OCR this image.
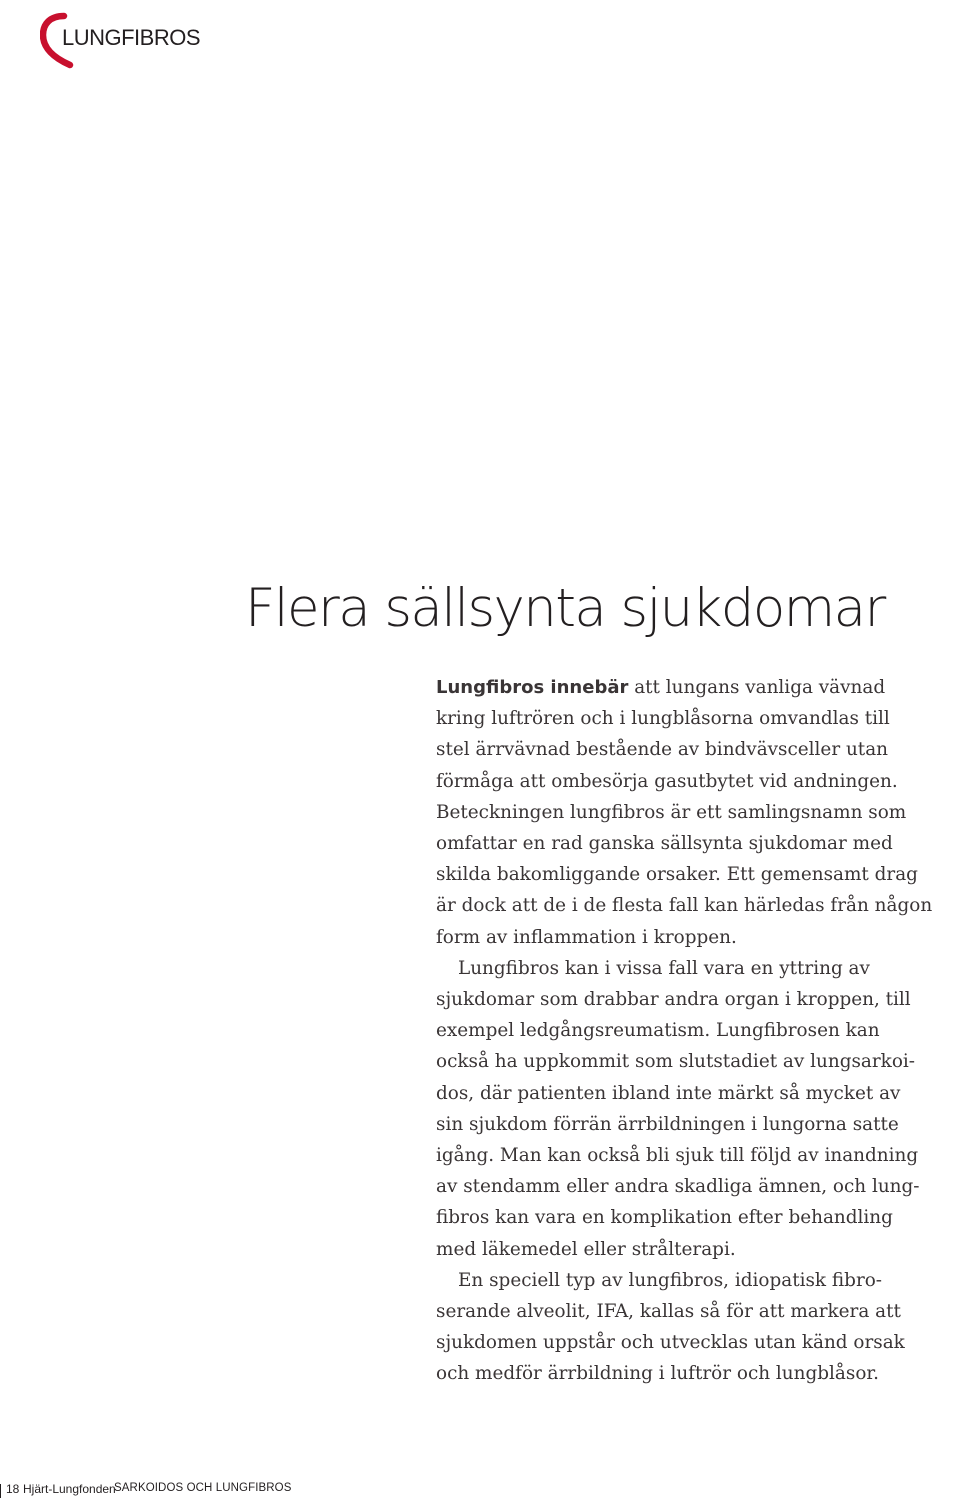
LUNGFIBROS
Flera sällsynta sjukdomar

Lungfibros innebär att lungans vanliga vävnad
kring luftrören och i lungblåsorna omvandlas till
stel ärrvävnad bestående av bindvävsceller utan
förmåga att ombesörja gasutbytet vid andningen.
Beteckningen lungfibros är ett samlingsnamn som
omfattar en rad ganska sällsynta sjukdomar med
skilda bakomliggande orsaker. Ett gemensamt drag
är dock att de i de flesta fall kan härledas från någon
form av inflammation i kroppen.

Lungfibros kan i vissa fall vara en yttring av
sjukdomar som drabbar andra organ i kroppen, till
exempel ledgångsreumatism. Lungfibrosen kan
också ha uppkommit som slutstadiet av lungsarkoi-
dos, där patienten ibland inte märkt så mycket av
sin sjukdom förrän ärrbildningen i lungorna satte
igång. Man kan också bli sjuk till följd av inandning
av stendamm eller andra skadliga ämnen, och lung-
fibros kan vara en komplikation efter behandling
med läkemedel eller strålterapi.

En speciell typ av lungfibros, idiopatisk fibro-
serande alveolit, IFA, kallas så för att markera att
sjukdomen uppstår och utvecklas utan känd orsak
och medför ärrbildning i luftrör och lungblåsor.

18 Hjärt-Lungfonden
SARKOIDOS OCH LUNGFIBROS
